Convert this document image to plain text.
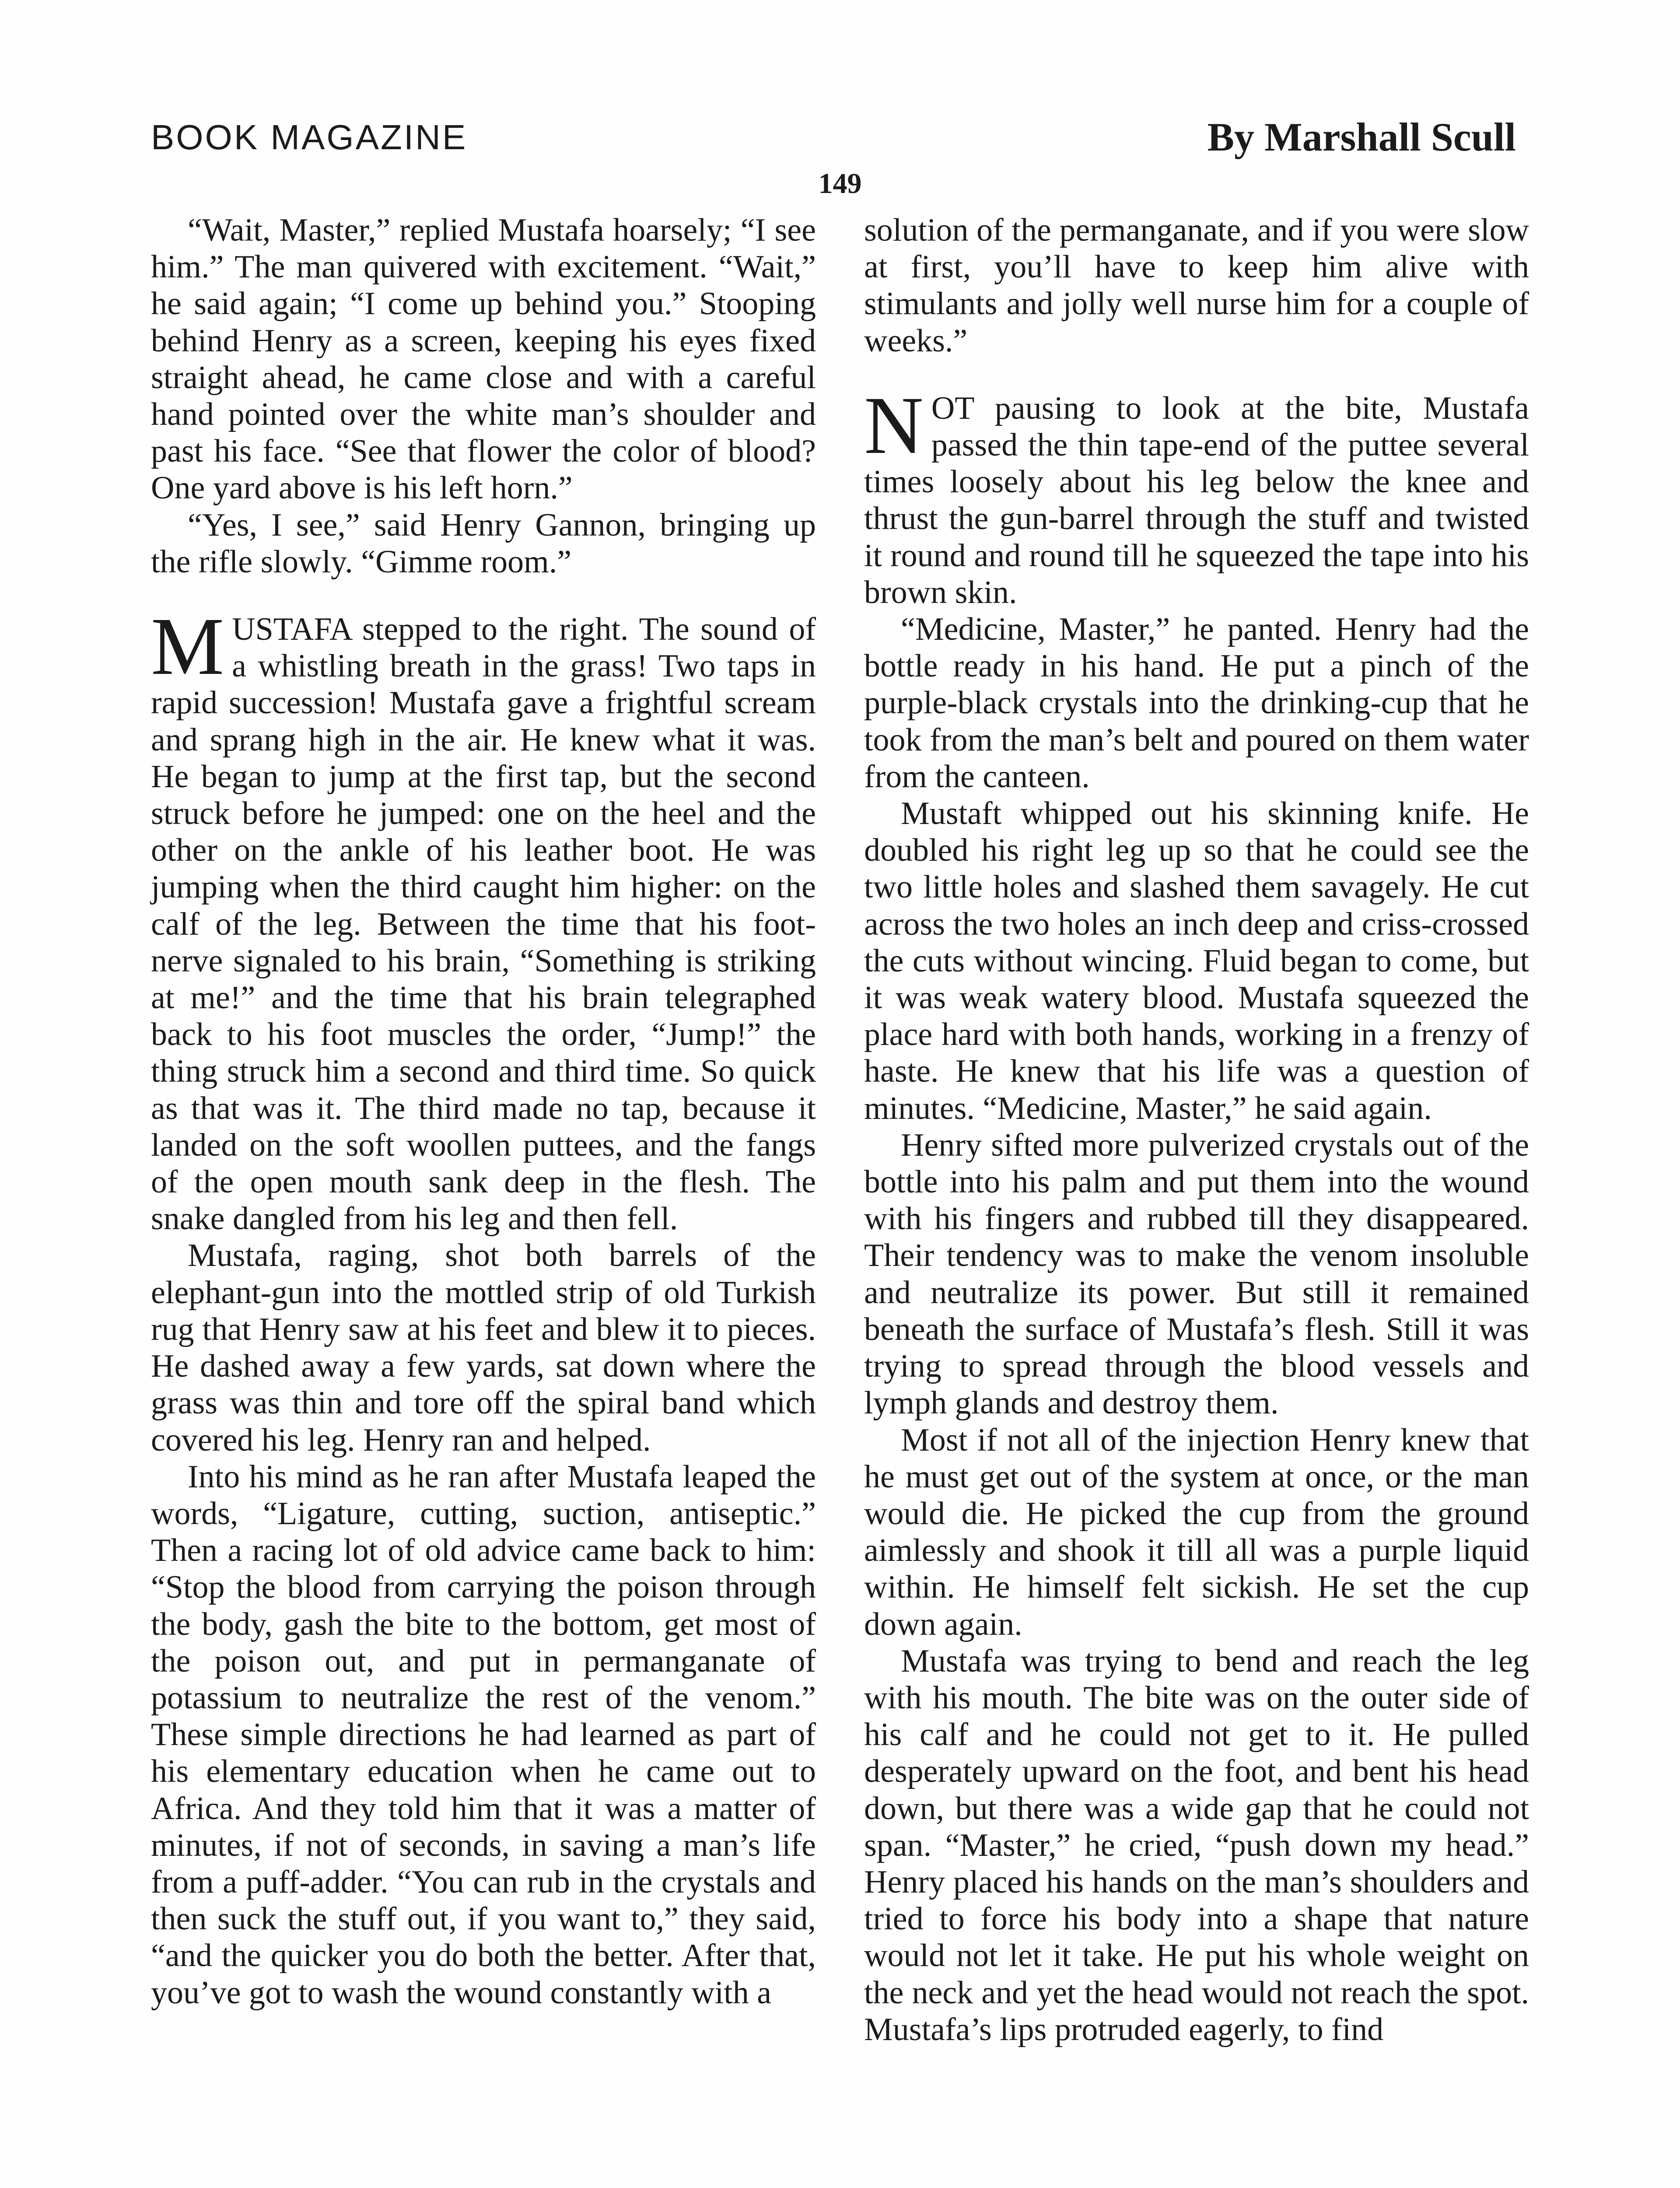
BOOK MAGAZINE	By Marshall Scull
149

“Wait, Master,” replied Mustafa hoarsely; “I see him.” The man quivered with excitement. “Wait,” he said again; “I come up behind you.” Stooping behind Henry as a screen, keeping his eyes fixed straight ahead, he came close and with a careful hand pointed over the white man’s shoulder and past his face. “See that flower the color of blood? One yard above is his left horn.”

“Yes, I see,” said Henry Gannon, bringing up the rifle slowly. “Gimme room.”

MUSTAFA stepped to the right. The sound of a whistling breath in the grass! Two taps in rapid succession! Mustafa gave a frightful scream and sprang high in the air. He knew what it was. He began to jump at the first tap, but the second struck before he jumped: one on the heel and the other on the ankle of his leather boot. He was jumping when the third caught him higher: on the calf of the leg. Between the time that his foot-nerve signaled to his brain, “Something is striking at me!” and the time that his brain telegraphed back to his foot muscles the order, “Jump!” the thing struck him a second and third time. So quick as that was it. The third made no tap, because it landed on the soft woollen puttees, and the fangs of the open mouth sank deep in the flesh. The snake dangled from his leg and then fell.

Mustafa, raging, shot both barrels of the elephant-gun into the mottled strip of old Turkish rug that Henry saw at his feet and blew it to pieces. He dashed away a few yards, sat down where the grass was thin and tore off the spiral band which covered his leg. Henry ran and helped.

Into his mind as he ran after Mustafa leaped the words, “Ligature, cutting, suction, antiseptic.” Then a racing lot of old advice came back to him: “Stop the blood from carrying the poison through the body, gash the bite to the bottom, get most of the poison out, and put in permanganate of potassium to neutralize the rest of the venom.” These simple directions he had learned as part of his elementary education when he came out to Africa. And they told him that it was a matter of minutes, if not of seconds, in saving a man’s life from a puff-adder. “You can rub in the crystals and then suck the stuff out, if you want to,” they said, “and the quicker you do both the better. After that, you’ve got to wash the wound constantly with a

solution of the permanganate, and if you were slow at first, you’ll have to keep him alive with stimulants and jolly well nurse him for a couple of weeks.”

NOT pausing to look at the bite, Mustafa passed the thin tape-end of the puttee several times loosely about his leg below the knee and thrust the gun-barrel through the stuff and twisted it round and round till he squeezed the tape into his brown skin.

“Medicine, Master,” he panted. Henry had the bottle ready in his hand. He put a pinch of the purple-black crystals into the drinking-cup that he took from the man’s belt and poured on them water from the canteen.

Mustaft whipped out his skinning knife. He doubled his right leg up so that he could see the two little holes and slashed them savagely. He cut across the two holes an inch deep and criss-crossed the cuts without wincing. Fluid began to come, but it was weak watery blood. Mustafa squeezed the place hard with both hands, working in a frenzy of haste. He knew that his life was a question of minutes. “Medicine, Master,” he said again.

Henry sifted more pulverized crystals out of the bottle into his palm and put them into the wound with his fingers and rubbed till they disappeared. Their tendency was to make the venom insoluble and neutralize its power. But still it remained beneath the surface of Mustafa’s flesh. Still it was trying to spread through the blood vessels and lymph glands and destroy them.

Most if not all of the injection Henry knew that he must get out of the system at once, or the man would die. He picked the cup from the ground aimlessly and shook it till all was a purple liquid within. He himself felt sickish. He set the cup down again.

Mustafa was trying to bend and reach the leg with his mouth. The bite was on the outer side of his calf and he could not get to it. He pulled desperately upward on the foot, and bent his head down, but there was a wide gap that he could not span. “Master,” he cried, “push down my head.” Henry placed his hands on the man’s shoulders and tried to force his body into a shape that nature would not let it take. He put his whole weight on the neck and yet the head would not reach the spot. Mustafa’s lips protruded eagerly, to find
